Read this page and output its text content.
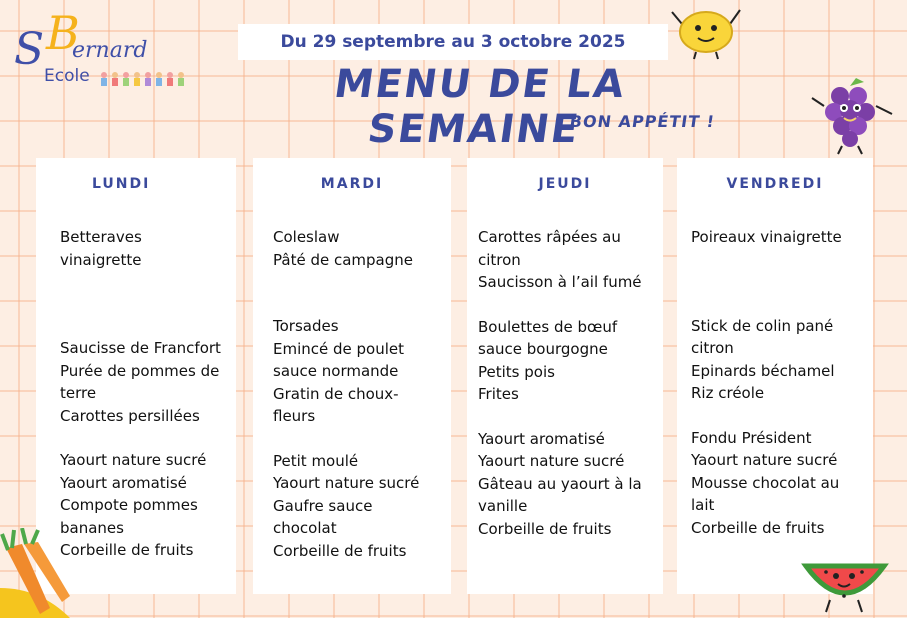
B
S ernard
Ecole
Du 29 septembre au 3 octobre 2025
MENU DE LA SEMAINE
BON APPÉTIT !
LUNDI
Betteraves vinaigrette
Saucisse de Francfort
Purée de pommes de terre
Carottes persillées
Yaourt nature sucré
Yaourt aromatisé
Compote pommes bananes
Corbeille de fruits
MARDI
Coleslaw
Pâté de campagne
Torsades
Emincé de poulet sauce normande
Gratin de choux-fleurs
Petit moulé
Yaourt nature sucré
Gaufre sauce chocolat
Corbeille de fruits
JEUDI
Carottes râpées au citron
Saucisson à l’ail fumé
Boulettes de bœuf sauce bourgogne
Petits pois
Frites
Yaourt aromatisé
Yaourt nature sucré
Gâteau au yaourt à la vanille
Corbeille de fruits
VENDREDI
Poireaux vinaigrette
Stick de colin pané citron
Epinards béchamel
Riz créole
Fondu Président
Yaourt nature sucré
Mousse chocolat au lait
Corbeille de fruits
